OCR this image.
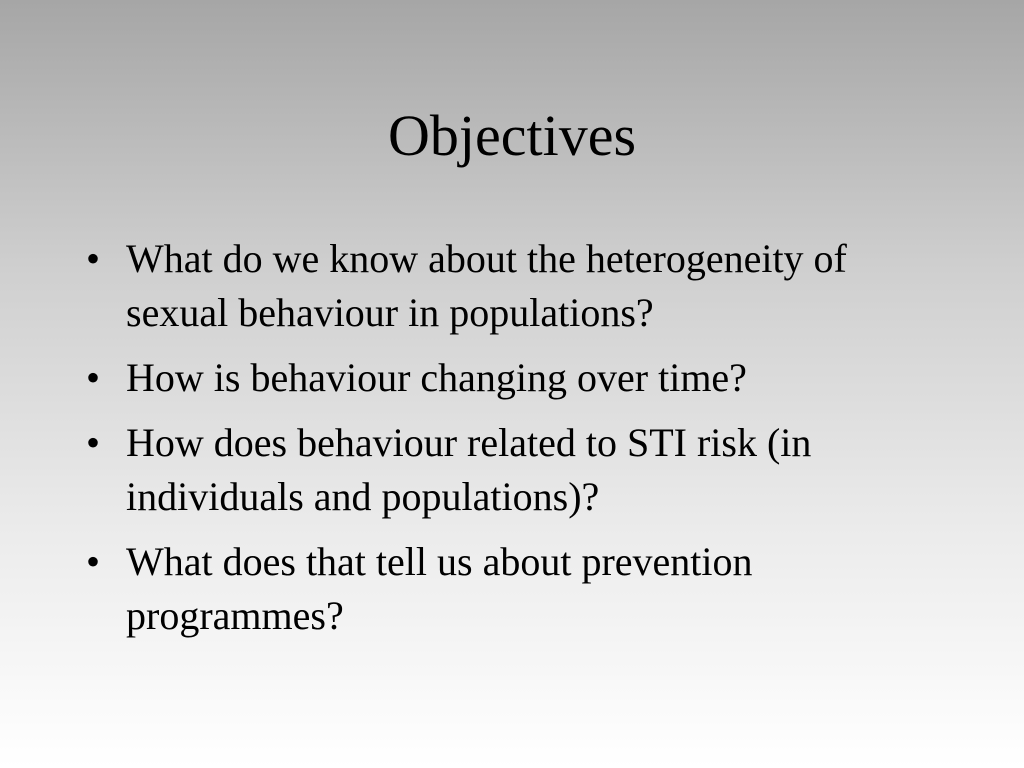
Objectives
• What do we know about the heterogeneity of sexual behaviour in populations?
• How is behaviour changing over time?
• How does behaviour related to STI risk (in individuals and populations)?
• What does that tell us about prevention programmes?
